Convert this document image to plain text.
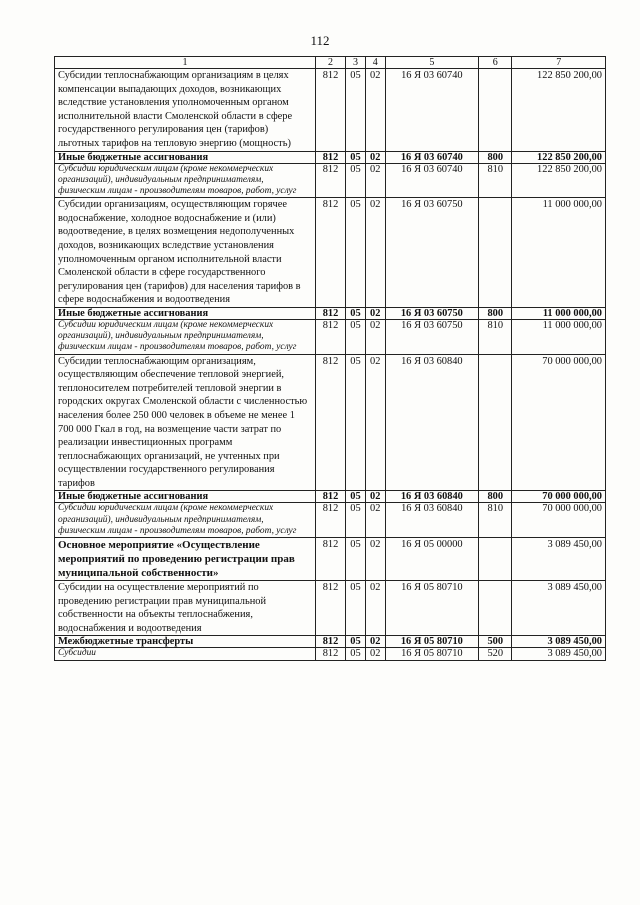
112
1	2	3	4	5	6	7
Субсидии теплоснабжающим организациям в целях компенсации выпадающих доходов, возникающих вследствие установления уполномоченным органом исполнительной власти Смоленской области в сфере государственного регулирования цен (тарифов) льготных тарифов на тепловую энергию (мощность)	812	05	02	16 Я 03 60740		122 850 200,00
Иные бюджетные ассигнования	812	05	02	16 Я 03 60740	800	122 850 200,00
Субсидии юридическим лицам (кроме некоммерческих организаций), индивидуальным предпринимателям, физическим лицам - производителям товаров, работ, услуг	812	05	02	16 Я 03 60740	810	122 850 200,00
Субсидии организациям, осуществляющим горячее водоснабжение, холодное водоснабжение и (или) водоотведение, в целях возмещения недополученных доходов, возникающих вследствие установления уполномоченным органом исполнительной власти Смоленской области в сфере государственного регулирования цен (тарифов) для населения тарифов в сфере водоснабжения и водоотведения	812	05	02	16 Я 03 60750		11 000 000,00
Иные бюджетные ассигнования	812	05	02	16 Я 03 60750	800	11 000 000,00
Субсидии юридическим лицам (кроме некоммерческих организаций), индивидуальным предпринимателям, физическим лицам - производителям товаров, работ, услуг	812	05	02	16 Я 03 60750	810	11 000 000,00
Субсидии теплоснабжающим организациям, осуществляющим обеспечение тепловой энергией, теплоносителем потребителей тепловой энергии в городских округах Смоленской области с численностью населения более 250 000 человек в объеме не менее 1 700 000 Гкал в год, на возмещение части затрат по реализации инвестиционных программ теплоснабжающих организаций, не учтенных при осуществлении государственного регулирования тарифов	812	05	02	16 Я 03 60840		70 000 000,00
Иные бюджетные ассигнования	812	05	02	16 Я 03 60840	800	70 000 000,00
Субсидии юридическим лицам (кроме некоммерческих организаций), индивидуальным предпринимателям, физическим лицам - производителям товаров, работ, услуг	812	05	02	16 Я 03 60840	810	70 000 000,00
Основное мероприятие «Осуществление мероприятий по проведению регистрации прав муниципальной собственности»	812	05	02	16 Я 05 00000		3 089 450,00
Субсидии на осуществление мероприятий по проведению регистрации прав муниципальной собственности на объекты теплоснабжения, водоснабжения и водоотведения	812	05	02	16 Я 05 80710		3 089 450,00
Межбюджетные трансферты	812	05	02	16 Я 05 80710	500	3 089 450,00
Субсидии	812	05	02	16 Я 05 80710	520	3 089 450,00
